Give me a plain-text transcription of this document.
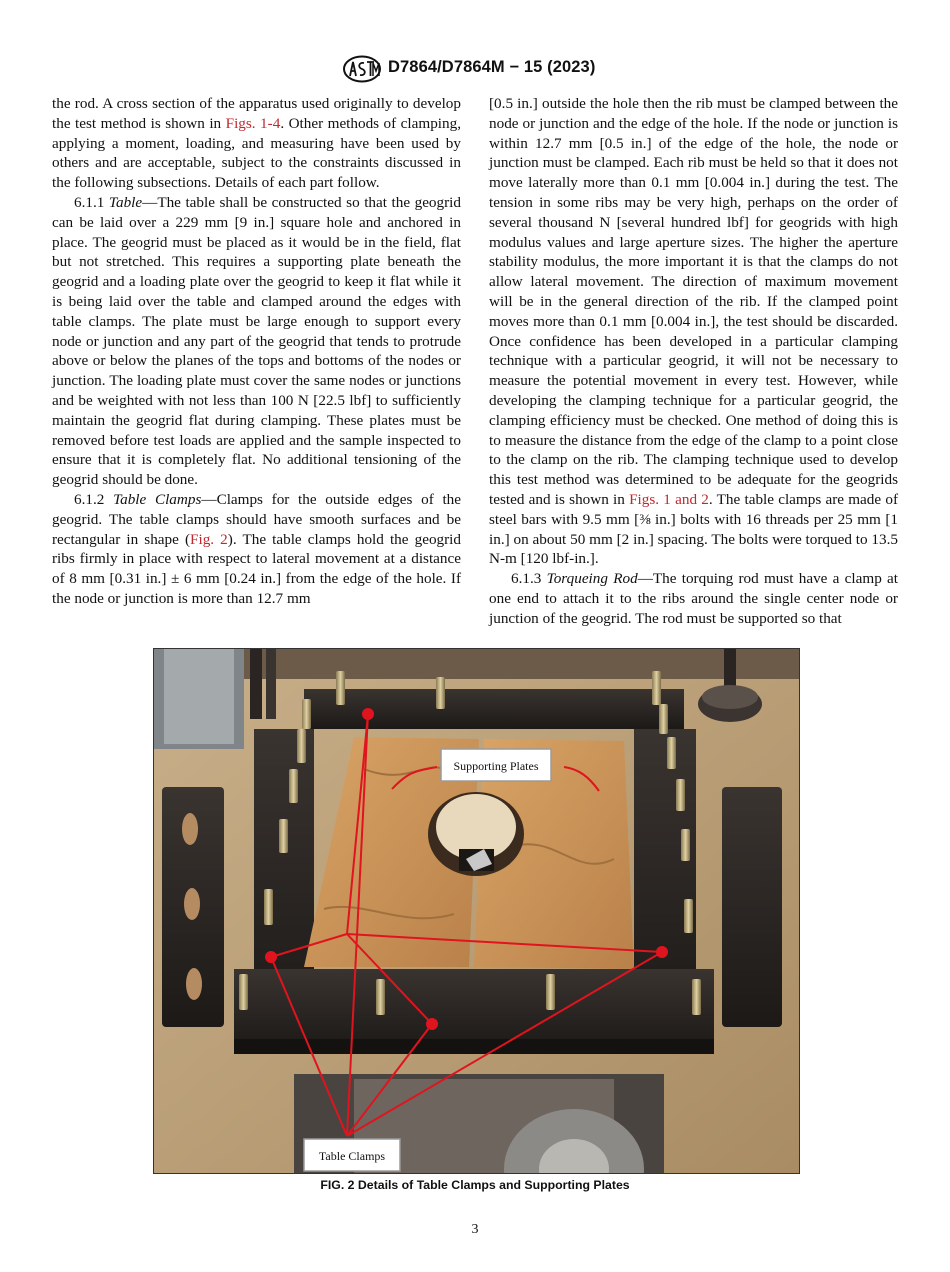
D7864/D7864M − 15 (2023)

the rod. A cross section of the apparatus used originally to develop the test method is shown in Figs. 1-4. Other methods of clamping, applying a moment, loading, and measuring have been used by others and are acceptable, subject to the constraints discussed in the following subsections. Details of each part follow.

6.1.1 Table—The table shall be constructed so that the geogrid can be laid over a 229 mm [9 in.] square hole and anchored in place. The geogrid must be placed as it would be in the field, flat but not stretched. This requires a supporting plate beneath the geogrid and a loading plate over the geogrid to keep it flat while it is being laid over the table and clamped around the edges with table clamps. The plate must be large enough to support every node or junction and any part of the geogrid that tends to protrude above or below the planes of the tops and bottoms of the nodes or junction. The loading plate must cover the same nodes or junctions and be weighted with not less than 100 N [22.5 lbf] to sufficiently maintain the geogrid flat during clamping. These plates must be removed before test loads are applied and the sample inspected to ensure that it is completely flat. No additional tensioning of the geogrid should be done.

6.1.2 Table Clamps—Clamps for the outside edges of the geogrid. The table clamps should have smooth surfaces and be rectangular in shape (Fig. 2). The table clamps hold the geogrid ribs firmly in place with respect to lateral movement at a distance of 8 mm [0.31 in.] ± 6 mm [0.24 in.] from the edge of the hole. If the node or junction is more than 12.7 mm

[0.5 in.] outside the hole then the rib must be clamped between the node or junction and the edge of the hole. If the node or junction is within 12.7 mm [0.5 in.] of the edge of the hole, the node or junction must be clamped. Each rib must be held so that it does not move laterally more than 0.1 mm [0.004 in.] during the test. The tension in some ribs may be very high, perhaps on the order of several thousand N [several hundred lbf] for geogrids with high modulus values and large aperture sizes. The higher the aperture stability modulus, the more important it is that the clamps do not allow lateral movement. The direction of maximum movement will be in the general direction of the rib. If the clamped point moves more than 0.1 mm [0.004 in.], the test should be discarded. Once confidence has been developed in a particular clamping technique with a particular geogrid, it will not be necessary to measure the potential movement in every test. However, while developing the clamping technique for a particular geogrid, the clamping efficiency must be checked. One method of doing this is to measure the distance from the edge of the clamp to a point close to the clamp on the rib. The clamping technique used to develop this test method was determined to be adequate for the geogrids tested and is shown in Figs. 1 and 2. The table clamps are made of steel bars with 9.5 mm [⅜ in.] bolts with 16 threads per 25 mm [1 in.] on about 50 mm [2 in.] spacing. The bolts were torqued to 13.5 N-m [120 lbf-in.].

6.1.3 Torqueing Rod—The torquing rod must have a clamp at one end to attach it to the ribs around the single center node or junction of the geogrid. The rod must be supported so that

Supporting Plates
Table Clamps
FIG. 2 Details of Table Clamps and Supporting Plates
3
